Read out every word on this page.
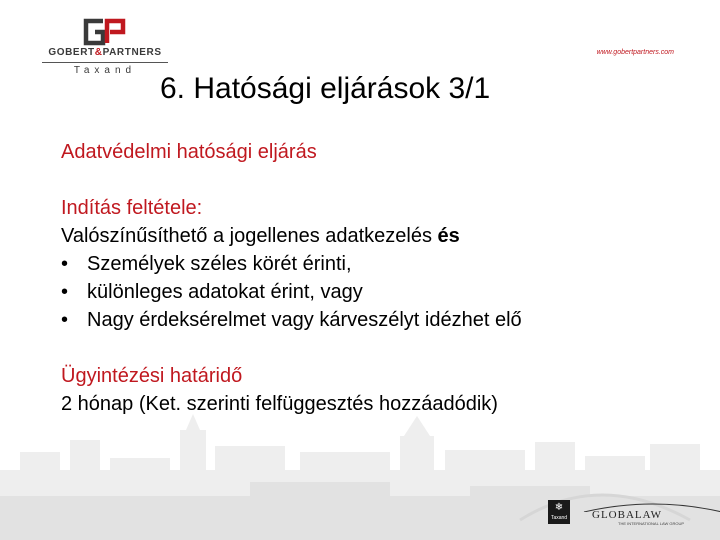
GOBERT&PARTNERS
Taxand
www.gobertpartners.com
6. Hatósági eljárások 3/1
Adatvédelmi hatósági eljárás
Indítás feltétele:
Valószínűsíthető a jogellenes adatkezelés és
• Személyek széles körét érinti,
• különleges adatokat érint, vagy
• Nagy érdeksérelmet vagy kárveszélyt idézhet elő
Ügyintézési határidő
2 hónap (Ket. szerinti felfüggesztés hozzáadódik)
❄
Taxand GLOBALAW
THE INTERNATIONAL LAW GROUP
